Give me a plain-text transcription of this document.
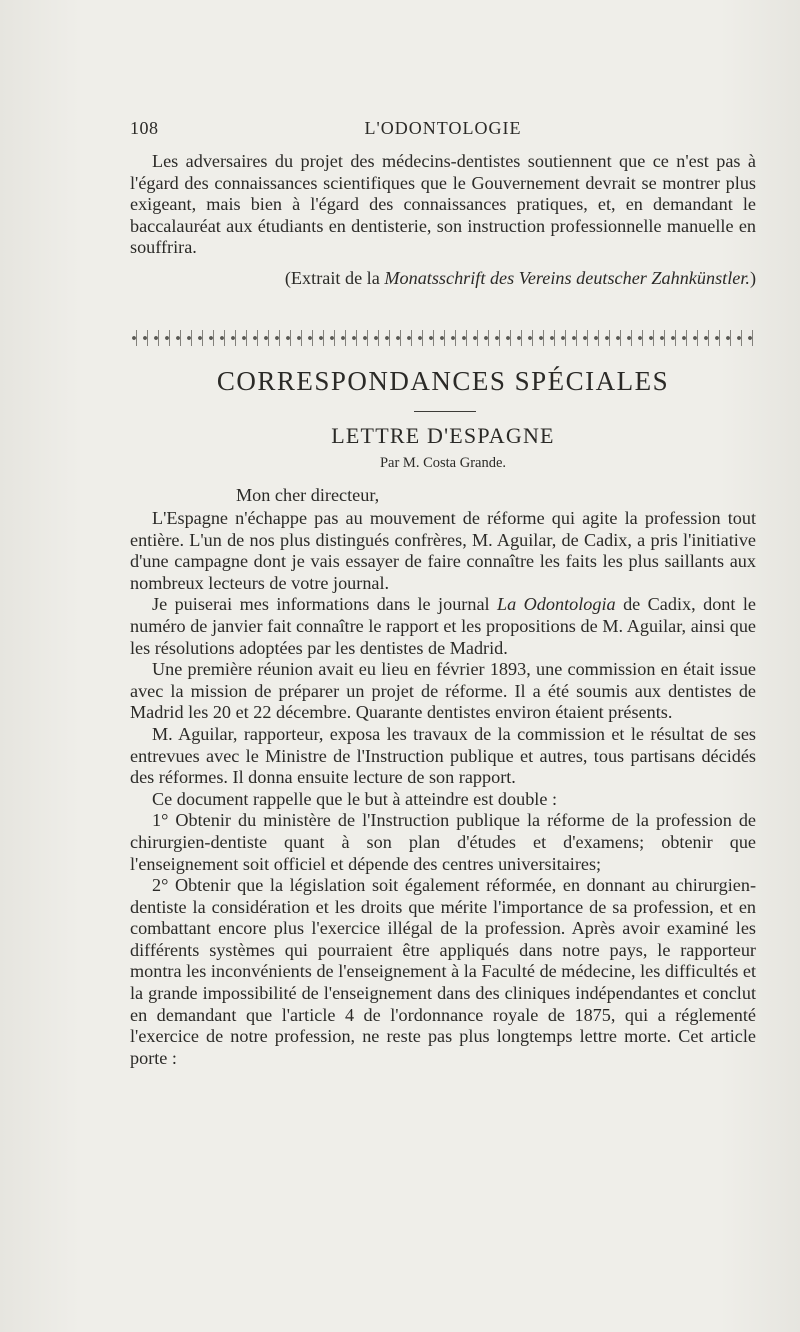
108	L'ODONTOLOGIE

Les adversaires du projet des médecins-dentistes soutiennent que ce n'est pas à l'égard des connaissances scientifiques que le Gouvernement devrait se montrer plus exigeant, mais bien à l'égard des connaissances pratiques, et, en demandant le baccalauréat aux étudiants en dentisterie, son instruction professionnelle manuelle en souffrira.

(Extrait de la Monatsschrift des Vereins deutscher Zahnkünstler.)

CORRESPONDANCES SPÉCIALES
LETTRE D'ESPAGNE
Par M. Costa Grande.
Mon cher directeur,

L'Espagne n'échappe pas au mouvement de réforme qui agite la profession tout entière. L'un de nos plus distingués confrères, M. Aguilar, de Cadix, a pris l'initiative d'une campagne dont je vais essayer de faire connaître les faits les plus saillants aux nombreux lecteurs de votre journal.

Je puiserai mes informations dans le journal La Odontologia de Cadix, dont le numéro de janvier fait connaître le rapport et les propositions de M. Aguilar, ainsi que les résolutions adoptées par les dentistes de Madrid.

Une première réunion avait eu lieu en février 1893, une commission en était issue avec la mission de préparer un projet de réforme. Il a été soumis aux dentistes de Madrid les 20 et 22 décembre. Quarante dentistes environ étaient présents.

M. Aguilar, rapporteur, exposa les travaux de la commission et le résultat de ses entrevues avec le Ministre de l'Instruction publique et autres, tous partisans décidés des réformes. Il donna ensuite lecture de son rapport.

Ce document rappelle que le but à atteindre est double :

1° Obtenir du ministère de l'Instruction publique la réforme de la profession de chirurgien-dentiste quant à son plan d'études et d'examens; obtenir que l'enseignement soit officiel et dépende des centres universitaires;

2° Obtenir que la législation soit également réformée, en donnant au chirurgien-dentiste la considération et les droits que mérite l'importance de sa profession, et en combattant encore plus l'exercice illégal de la profession. Après avoir examiné les différents systèmes qui pourraient être appliqués dans notre pays, le rapporteur montra les inconvénients de l'enseignement à la Faculté de médecine, les difficultés et la grande impossibilité de l'enseignement dans des cliniques indépendantes et conclut en demandant que l'article 4 de l'ordonnance royale de 1875, qui a réglementé l'exercice de notre profession, ne reste pas plus longtemps lettre morte. Cet article porte :
